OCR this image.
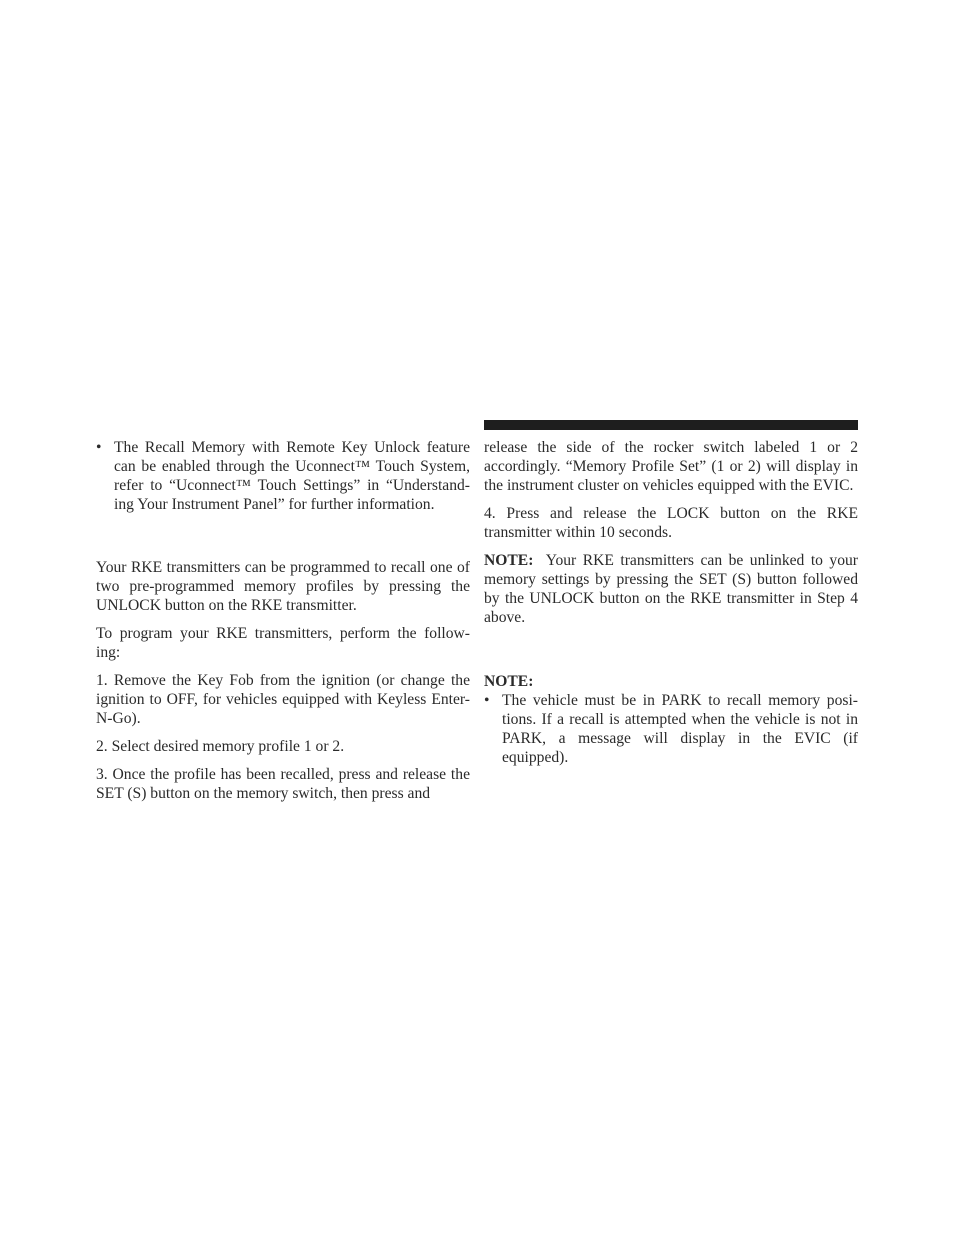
• The Recall Memory with Remote Key Unlock feature can be enabled through the Uconnect™ Touch System, refer to “Uconnect™ Touch Settings” in “Understand- ing Your Instrument Panel” for further information.

Your RKE transmitters can be programmed to recall one of two pre-programmed memory profiles by pressing the UNLOCK button on the RKE transmitter.

To program your RKE transmitters, perform the follow- ing:

1. Remove the Key Fob from the ignition (or change the ignition to OFF, for vehicles equipped with Keyless Enter-N-Go).

2. Select desired memory profile 1 or 2.

3. Once the profile has been recalled, press and release the SET (S) button on the memory switch, then press and

release the side of the rocker switch labeled 1 or 2 accordingly. “Memory Profile Set” (1 or 2) will display in the instrument cluster on vehicles equipped with the EVIC.

4. Press and release the LOCK button on the RKE transmitter within 10 seconds.

NOTE: Your RKE transmitters can be unlinked to your memory settings by pressing the SET (S) button followed by the UNLOCK button on the RKE transmitter in Step 4 above.

NOTE:
• The vehicle must be in PARK to recall memory posi- tions. If a recall is attempted when the vehicle is not in PARK, a message will display in the EVIC (if equipped).
